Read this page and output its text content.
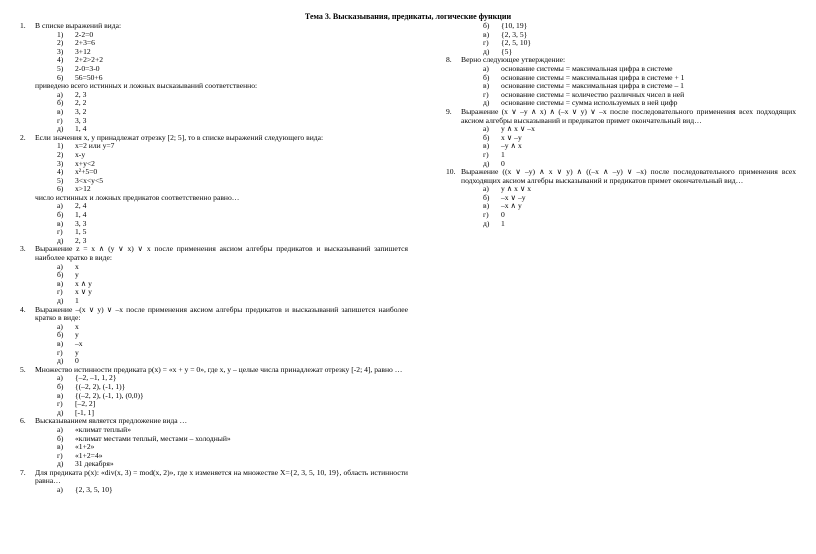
Тема 3. Высказывания, предикаты, логические функции
1. В списке выражений вида:
1) 2-2=0
2) 2+3=6
3) 3+12
4) 2+2>2+2
5) 2-0=3-0
6) 56=50+6
приведено всего истинных и ложных высказываний соответственно:
а) 2, 3
б) 2, 2
в) 3, 2
г) 3, 3
д) 1, 4
2. Если значения x, y принадлежат отрезку [2; 5], то в списке выражений следующего вида:
1) x=2 или y=7
2) x-y
3) x+y<2
4) x²+5=0
5) 3<x<y<5
6) x>12
число истинных и ложных предикатов соответственно равно…
а) 2, 4
б) 1, 4
в) 3, 3
г) 1, 5
д) 2, 3
3. Выражение z = x ∧ (y ∨ x) ∨ x после применения аксиом алгебры предикатов и высказываний запишется наиболее кратко в виде:
а) x
б) y
в) x ∧ y
г) x ∨ y
д) 1
4. Выражение –(x ∨ y) ∨ –x после применения аксиом алгебры предикатов и высказываний запишется наиболее кратко в виде:
а) x
б) y
в) –x
г) y
д) 0
5. Множество истинности предиката p(x) = «x + y = 0», где x, y – целые числа принадлежат отрезку [-2; 4], равно …
а) {–2, –1, 1, 2}
б) {(–2, 2), (-1, 1)}
в) {(–2, 2), (-1, 1), (0,0)}
г) [–2, 2]
д) [-1, 1]
6. Высказыванием является предложение вида …
а) «климат теплый»
б) «климат местами теплый, местами – холодный»
в) «1+2»
г) «1+2=4»
д) 31 декабря»
7. Для предиката p(x): «div(x, 3) = mod(x, 2)», где x изменяется на множестве X={2, 3, 5, 10, 19}, область истинности равна…
а) {2, 3, 5, 10}
б) {10, 19}
в) {2, 3, 5}
г) {2, 5, 10}
д) {5}
8. Верно следующее утверждение:
а) основание системы = максимальная цифра в системе
б) основание системы = максимальная цифра в системе + 1
в) основание системы = максимальная цифра в системе – 1
г) основание системы = количество различных чисел в ней
д) основание системы = сумма используемых в ней цифр
9. Выражение (x ∨ –y ∧ x) ∧ (–x ∨ y) ∨ –x после последовательного применения всех подходящих аксиом алгебры высказываний и предикатов примет окончательный вид…
а) y ∧ x ∨ –x
б) x ∨ –y
в) –y ∧ x
г) 1
д) 0
10. Выражение ((x ∨ –y) ∧ x ∨ y) ∧ ((–x ∧ –y) ∨ –x) после последовательного применения всех подходящих аксиом алгебры высказываний и предикатов примет окончательный вид…
а) y ∧ x ∨ x
б) –x ∨ –y
в) –x ∧ y
г) 0
д) 1
